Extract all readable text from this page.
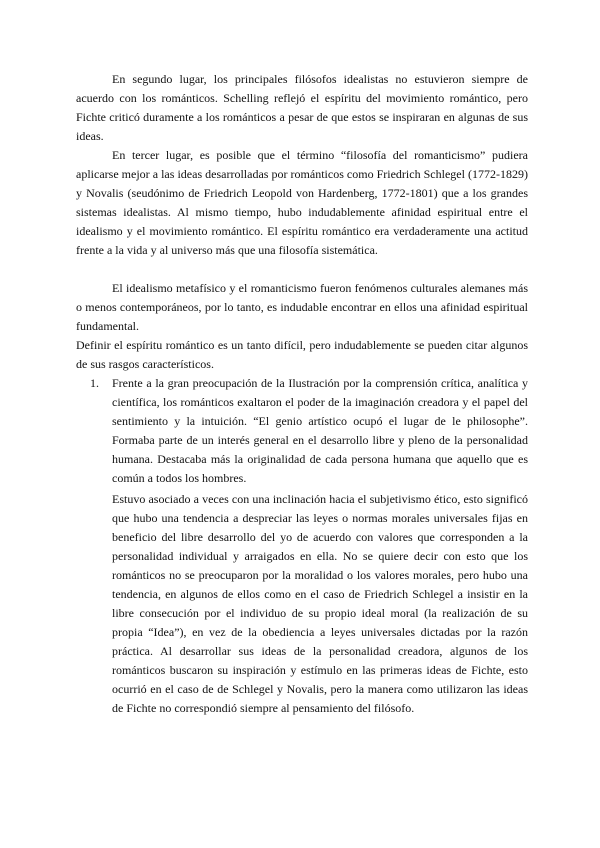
En segundo lugar, los principales filósofos idealistas no estuvieron siempre de acuerdo con los románticos. Schelling reflejó el espíritu del movimiento romántico, pero Fichte criticó duramente a los románticos a pesar de que estos se inspiraran en algunas de sus ideas.

En tercer lugar, es posible que el término “filosofía del romanticismo” pudiera aplicarse mejor a las ideas desarrolladas por románticos como Friedrich Schlegel (1772-1829) y Novalis (seudónimo de Friedrich Leopold von Hardenberg, 1772-1801) que a los grandes sistemas idealistas. Al mismo tiempo, hubo indudablemente afinidad espiritual entre el idealismo y el movimiento romántico. El espíritu romántico era verdaderamente una actitud frente a la vida y al universo más que una filosofía sistemática.

El idealismo metafísico y el romanticismo fueron fenómenos culturales alemanes más o menos contemporáneos, por lo tanto, es indudable encontrar en ellos una afinidad espiritual fundamental.

Definir el espíritu romántico es un tanto difícil, pero indudablemente se pueden citar algunos de sus rasgos característicos.

1.	Frente a la gran preocupación de la Ilustración por la comprensión crítica, analítica y científica, los románticos exaltaron el poder de la imaginación creadora y el papel del sentimiento y la intuición. “El genio artístico ocupó el lugar de le philosophe”. Formaba parte de un interés general en el desarrollo libre y pleno de la personalidad humana. Destacaba más la originalidad de cada persona humana que aquello que es común a todos los hombres.

Estuvo asociado a veces con una inclinación hacia el subjetivismo ético, esto significó que hubo una tendencia a despreciar las leyes o normas morales universales fijas en beneficio del libre desarrollo del yo de acuerdo con valores que corresponden a la personalidad individual y arraigados en ella. No se quiere decir con esto que los románticos no se preocuparon por la moralidad o los valores morales, pero hubo una tendencia, en algunos de ellos como en el caso de Friedrich Schlegel a insistir en la libre consecución por el individuo de su propio ideal moral (la realización de su propia “Idea”), en vez de la obediencia a leyes universales dictadas por la razón práctica. Al desarrollar sus ideas de la personalidad creadora, algunos de los románticos buscaron su inspiración y estímulo en las primeras ideas de Fichte, esto ocurrió en el caso de de Schlegel y Novalis, pero la manera como utilizaron las ideas de Fichte no correspondió siempre al pensamiento del filósofo.
